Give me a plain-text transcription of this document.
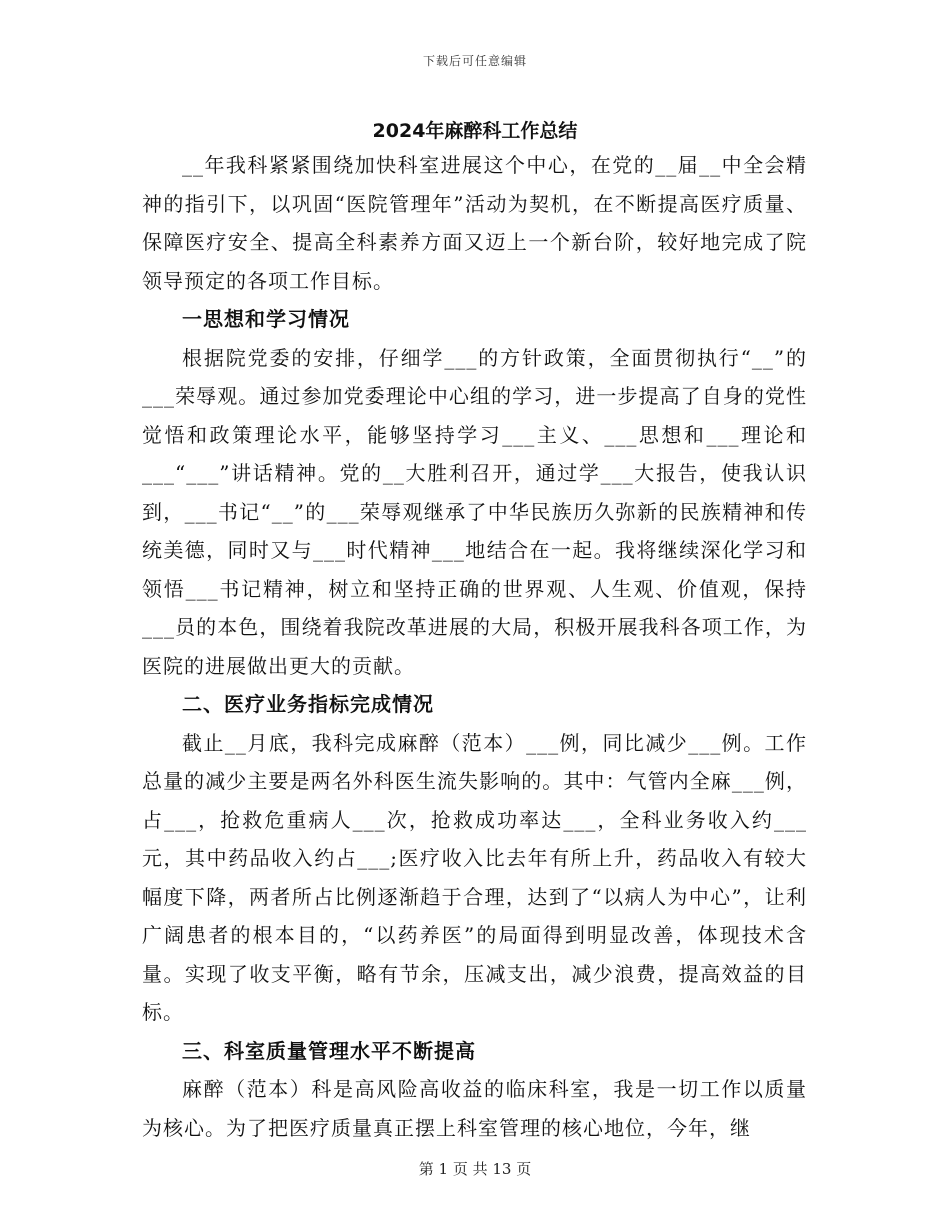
下载后可任意编辑
2024年麻醉科工作总结

__年我科紧紧围绕加快科室进展这个中心，在党的__届__中全会精神的指引下，以巩固“医院管理年”活动为契机，在不断提高医疗质量、保障医疗安全、提高全科素养方面又迈上一个新台阶，较好地完成了院领导预定的各项工作目标。

一思想和学习情况

根据院党委的安排，仔细学___的方针政策，全面贯彻执行“__”的___荣辱观。通过参加党委理论中心组的学习，进一步提高了自身的党性觉悟和政策理论水平，能够坚持学习___主义、___思想和___理论和___“___”讲话精神。党的__大胜利召开，通过学___大报告，使我认识到，___书记“__”的___荣辱观继承了中华民族历久弥新的民族精神和传统美德，同时又与___时代精神___地结合在一起。我将继续深化学习和领悟___书记精神，树立和坚持正确的世界观、人生观、价值观，保持___员的本色，围绕着我院改革进展的大局，积极开展我科各项工作，为医院的进展做出更大的贡献。

二、医疗业务指标完成情况

截止__月底，我科完成麻醉（范本）___例，同比减少___例。工作总量的减少主要是两名外科医生流失影响的。其中：气管内全麻___例，占___，抢救危重病人___次，抢救成功率达___，全科业务收入约___元，其中药品收入约占___;医疗收入比去年有所上升，药品收入有较大幅度下降，两者所占比例逐渐趋于合理，达到了“以病人为中心”，让利广阔患者的根本目的，“以药养医”的局面得到明显改善，体现技术含量。实现了收支平衡，略有节余，压减支出，减少浪费，提高效益的目标。

三、科室质量管理水平不断提高

麻醉（范本）科是高风险高收益的临床科室，我是一切工作以质量为核心。为了把医疗质量真正摆上科室管理的核心地位，今年，继

第 1 页 共 13 页
